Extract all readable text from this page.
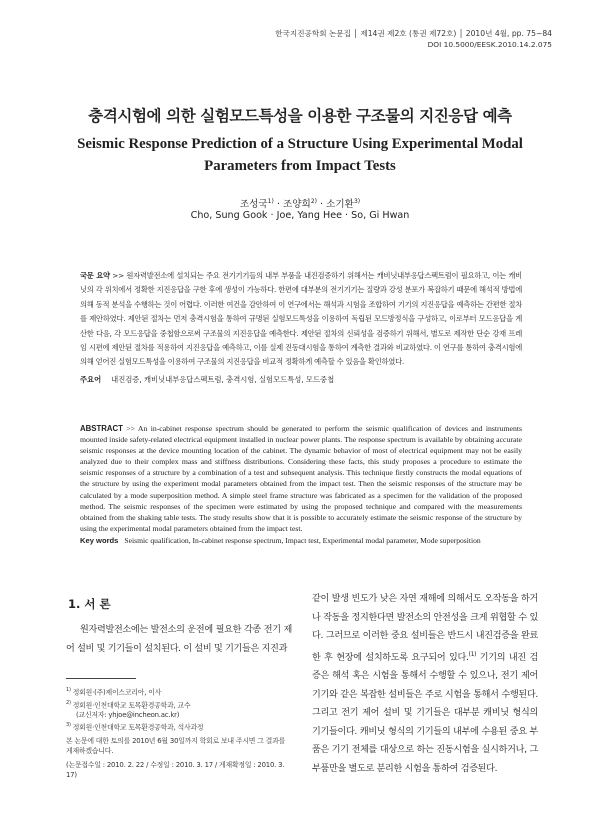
한국지진공학회 논문집 │ 제14권 제2호 (통권 제72호) │ 2010년 4월, pp. 75~84
DOI 10.5000/EESK.2010.14.2.075
충격시험에 의한 실험모드특성을 이용한 구조물의 지진응답 예측
Seismic Response Prediction of a Structure Using Experimental Modal Parameters from Impact Tests
조성국$^{1)}$ · 조양희$^{2)}$ · 소기환$^{3)}$
Cho, Sung Gook · Joe, Yang Hee · So, Gi Hwan
국문 요약 >> 원자력발전소에 설치되는 주요 전기기기들의 내부 부품을 내진검증하기 위해서는 캐비닛내부응답스펙트럼이 필요하고, 이는 캐비닛의 각 위치에서 정확한 지진응답을 구한 후에 생성이 가능하다. 한편에 대부분의 전기기기는 질량과 강성 분포가 복잡하기 때문에 해석적 방법에 의해 동적 분석을 수행하는 것이 어렵다. 이러한 여건을 감안하여 이 연구에서는 해석과 시험을 조합하여 기기의 지진응답을 예측하는 간편한 절차를 제안하였다. 제안된 절차는 먼저 충격시험을 통하여 규명된 실험모드특성을 이용하여 독립된 모드방정식을 구성하고, 이로부터 모드응답을 계산한 다음, 각 모드응답을 중첩함으로써 구조물의 지진응답을 예측한다. 제안된 절차의 신뢰성을 검증하기 위해서, 별도로 제작한 단순 강재 프레임 시편에 제안된 절차를 적용하여 지진응답을 예측하고, 이를 실제 진동대시험을 통하여 계측한 결과와 비교하였다. 이 연구를 통하여 충격시험에 의해 얻어진 실험모드특성을 이용하여 구조물의 지진응답을 비교적 정확하게 예측할 수 있음을 확인하였다.
주요어 내진검증, 캐비닛내부응답스펙트럼, 충격시험, 실험모드특성, 모드중첩
ABSTRACT >> An in-cabinet response spectrum should be generated to perform the seismic qualification of devices and instruments mounted inside safety-related electrical equipment installed in nuclear power plants. The response spectrum is available by obtaining accurate seismic responses at the device mounting location of the cabinet. The dynamic behavior of most of electrical equipment may not be easily analyzed due to their complex mass and stiffness distributions. Considering these facts, this study proposes a procedure to estimate the seismic responses of a structure by a combination of a test and subsequent analysis. This technique firstly constructs the modal equations of the structure by using the experiment modal parameters obtained from the impact test. Then the seismic responses of the structure may be calculated by a mode superposition method. A simple steel frame structure was fabricated as a specimen for the validation of the proposed method. The seismic responses of the specimen were estimated by using the proposed technique and compared with the measurements obtained from the shaking table tests. The study results show that it is possible to accurately estimate the seismic response of the structure by using the experimental modal parameters obtained from the impact test.
Key words Seismic qualification, In-cabinet response spectrum, Impact test, Experimental modal parameter, Mode superposition
1. 서 론
원자력발전소에는 발전소의 운전에 필요한 각종 전기 제어 설비 및 기기들이 설치된다. 이 설비 및 기기들은 지진과
$^{1)}$ 정회원·(주)제이스코리아, 이사
$^{2)}$ 정회원·인천대학교 토목환경공학과, 교수
(교신저자: yhjoe@incheon.ac.kr)
$^{3)}$ 정회원·인천대학교 토목환경공학과, 석사과정
본 논문에 대한 토의를 2010년 6월 30일까지 학회로 보내 주시면 그 결과를 게재하겠습니다.
(논문접수일 : 2010. 2. 22 / 수정일 : 2010. 3. 17 / 게재확정일 : 2010. 3. 17)
같이 발생 빈도가 낮은 자연 재해에 의해서도 오작동을 하거나 작동을 정지한다면 발전소의 안전성을 크게 위협할 수 있다. 그러므로 이러한 중요 설비들은 반드시 내진검증을 완료한 후 현장에 설치하도록 요구되어 있다.$^{(1)}$ 기기의 내진 검증은 해석 혹은 시험을 통해서 수행할 수 있으나, 전기 제어 기기와 같은 복잡한 설비들은 주로 시험을 통해서 수행된다. 그리고 전기 제어 설비 및 기기들은 대부분 캐비닛 형식의 기기들이다. 캐비닛 형식의 기기들의 내부에 수용된 중요 부품은 기기 전체를 대상으로 하는 진동시험을 실시하거나, 그 부품만을 별도로 분리한 시험을 통하여 검증된다.
